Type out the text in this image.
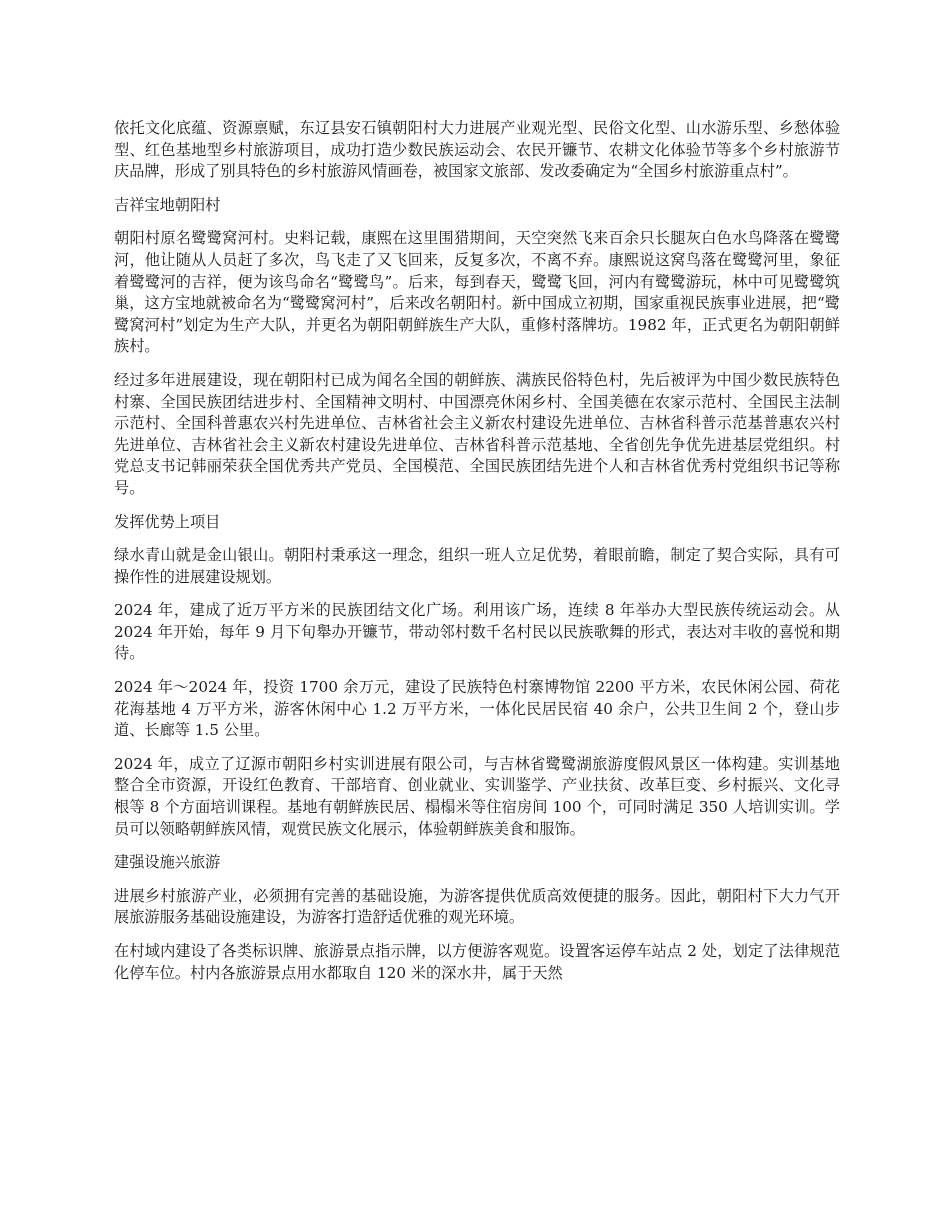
依托文化底蕴、资源禀赋，东辽县安石镇朝阳村大力进展产业观光型、民俗文化型、山水游乐型、乡愁体验型、红色基地型乡村旅游项目，成功打造少数民族运动会、农民开镰节、农耕文化体验节等多个乡村旅游节庆品牌，形成了别具特色的乡村旅游风情画卷，被国家文旅部、发改委确定为“全国乡村旅游重点村”。

吉祥宝地朝阳村

朝阳村原名鹭鹭窝河村。史料记载，康熙在这里围猎期间，天空突然飞来百余只长腿灰白色水鸟降落在鹭鹭河，他让随从人员赶了多次，鸟飞走了又飞回来，反复多次，不离不弃。康熙说这窝鸟落在鹭鹭河里，象征着鹭鹭河的吉祥，便为该鸟命名“鹭鹭鸟”。后来，每到春天，鹭鹭飞回，河内有鹭鹭游玩，林中可见鹭鹭筑巢，这方宝地就被命名为“鹭鹭窝河村”，后来改名朝阳村。新中国成立初期，国家重视民族事业进展，把“鹭鹭窝河村”划定为生产大队，并更名为朝阳朝鲜族生产大队，重修村落牌坊。1982 年，正式更名为朝阳朝鲜族村。

经过多年进展建设，现在朝阳村已成为闻名全国的朝鲜族、满族民俗特色村，先后被评为中国少数民族特色村寨、全国民族团结进步村、全国精神文明村、中国漂亮休闲乡村、全国美德在农家示范村、全国民主法制示范村、全国科普惠农兴村先进单位、吉林省社会主义新农村建设先进单位、吉林省科普示范基普惠农兴村先进单位、吉林省社会主义新农村建设先进单位、吉林省科普示范基地、全省创先争优先进基层党组织。村党总支书记韩丽荣获全国优秀共产党员、全国模范、全国民族团结先进个人和吉林省优秀村党组织书记等称号。

发挥优势上项目

绿水青山就是金山银山。朝阳村秉承这一理念，组织一班人立足优势，着眼前瞻，制定了契合实际，具有可操作性的进展建设规划。

2024 年，建成了近万平方米的民族团结文化广场。利用该广场，连续 8 年举办大型民族传统运动会。从 2024 年开始，每年 9 月下旬舉办开镰节，带动邻村数千名村民以民族歌舞的形式，表达对丰收的喜悦和期待。

2024 年～2024 年，投资 1700 余万元，建设了民族特色村寨博物馆 2200 平方米，农民休闲公园、荷花花海基地 4 万平方米，游客休闲中心 1.2 万平方米，一体化民居民宿 40 余户，公共卫生间 2 个，登山步道、长廊等 1.5 公里。

2024 年，成立了辽源市朝阳乡村实训进展有限公司，与吉林省鹭鹭湖旅游度假风景区一体构建。实训基地整合全市资源，开设红色教育、干部培育、创业就业、实训鉴学、产业扶贫、改革巨变、乡村振兴、文化寻根等 8 个方面培训课程。基地有朝鲜族民居、榻榻米等住宿房间 100 个，可同时满足 350 人培训实训。学员可以领略朝鲜族风情，观赏民族文化展示，体验朝鲜族美食和服饰。

建强设施兴旅游

进展乡村旅游产业，必须拥有完善的基础设施，为游客提供优质高效便捷的服务。因此，朝阳村下大力气开展旅游服务基础设施建设，为游客打造舒适优雅的观光环境。

在村域内建设了各类标识牌、旅游景点指示牌，以方便游客观览。设置客运停车站点 2 处，划定了法律规范化停车位。村内各旅游景点用水都取自 120 米的深水井，属于天然
